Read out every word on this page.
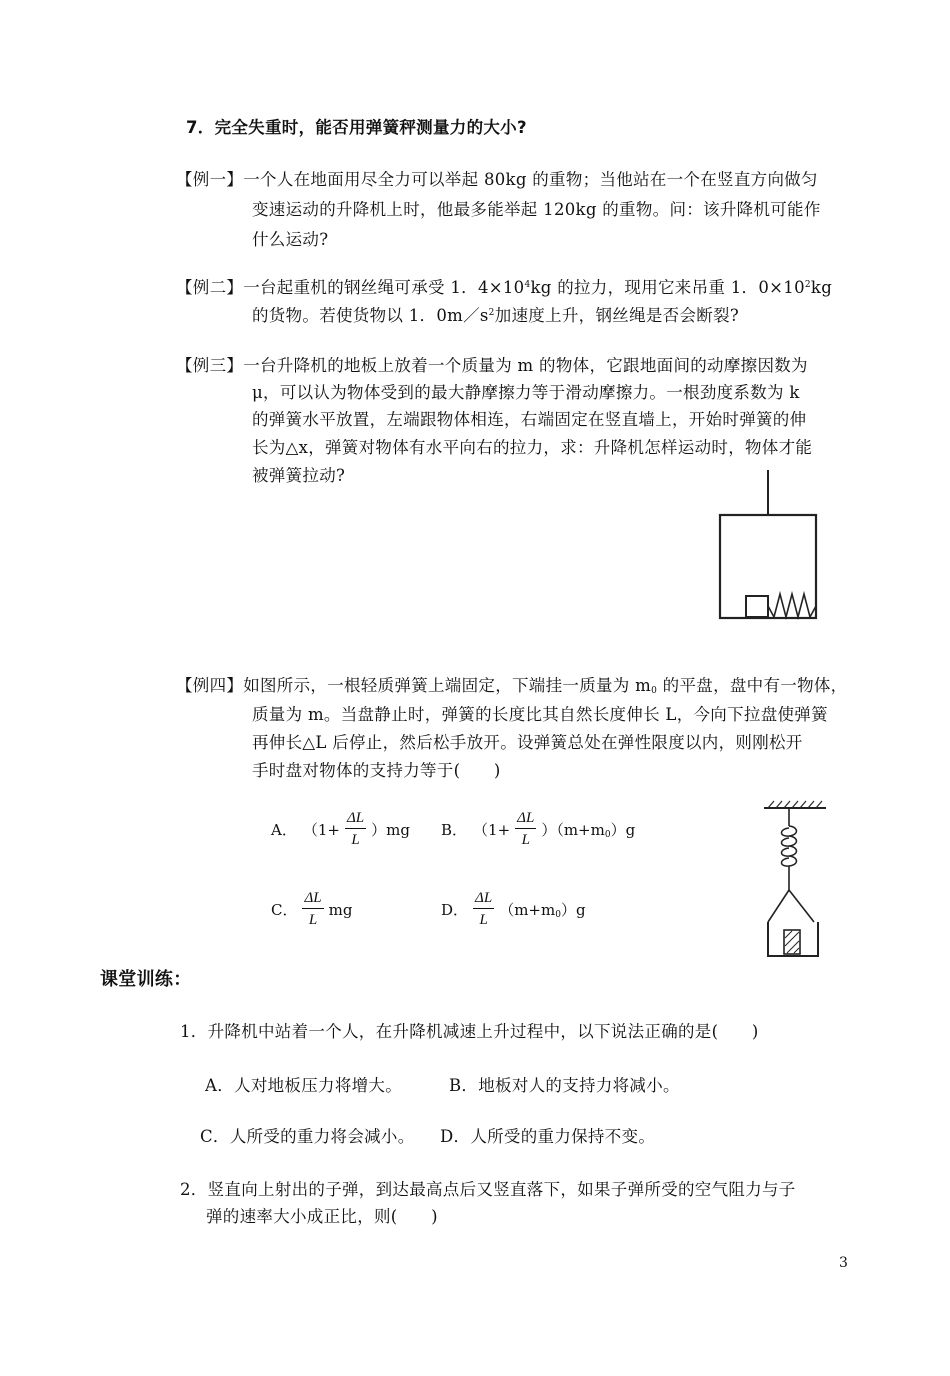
7．完全失重时，能否用弹簧秤测量力的大小?
【例一】一个人在地面用尽全力可以举起 80kg 的重物；当他站在一个在竖直方向做匀
变速运动的升降机上时，他最多能举起 120kg 的重物。问：该升降机可能作
什么运动?
【例二】一台起重机的钢丝绳可承受 1．$4\times 10^4kg$ 的拉力，现用它来吊重 1．$0\times 10^2kg$
的货物。若使货物以 1．$0m/s^2$加速度上升，钢丝绳是否会断裂?
【例三】一台升降机的地板上放着一个质量为 m 的物体，它跟地面间的动摩擦因数为
μ，可以认为物体受到的最大静摩擦力等于滑动摩擦力。一根劲度系数为 k
的弹簧水平放置，左端跟物体相连，右端固定在竖直墙上，开始时弹簧的伸
长为△x，弹簧对物体有水平向右的拉力，求：升降机怎样运动时，物体才能
被弹簧拉动?
【例四】如图所示，一根轻质弹簧上端固定，下端挂一质量为 $m_0$ 的平盘，盘中有一物体，
质量为 m。当盘静止时，弹簧的长度比其自然长度伸长 L，今向下拉盘使弹簧
再伸长△L 后停止，然后松手放开。设弹簧总处在弹性限度以内，则刚松开
手时盘对物体的支持力等于(　　)
A． $(1+ \frac{\Delta L}{L} )mg$ B． $(1+ \frac{\Delta L}{L} )(m+m_0)g$
C． $\frac{\Delta L}{L}$ mg	D． $\frac{\Delta L}{L} (m+m_0)g$
课堂训练：
1．升降机中站着一个人，在升降机减速上升过程中，以下说法正确的是(　　)
A．人对地板压力将增大。	B．地板对人的支持力将减小。
C．人所受的重力将会减小。 D．人所受的重力保持不变。
2．竖直向上射出的子弹，到达最高点后又竖直落下，如果子弹所受的空气阻力与子
弹的速率大小成正比，则(　　)
3
